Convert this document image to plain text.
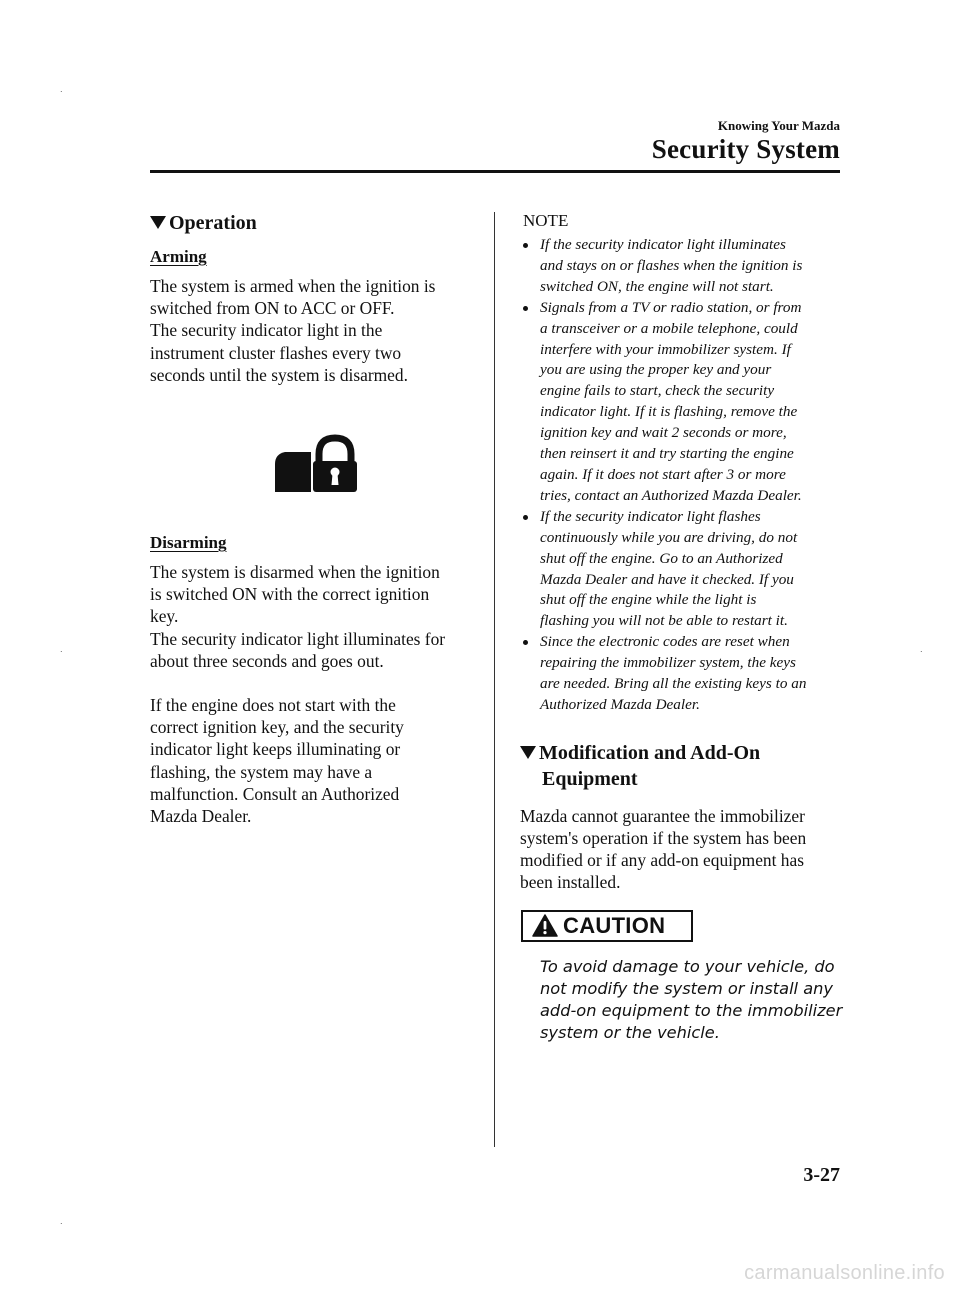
.
.	.
.
Knowing Your Mazda
Security System
Operation
Arming
The system is armed when the ignition is
switched from ON to ACC or OFF.
The security indicator light in the
instrument cluster flashes every two
seconds until the system is disarmed.
Disarming
The system is disarmed when the ignition
is switched ON with the correct ignition
key.
The security indicator light illuminates for
about three seconds and goes out.
If the engine does not start with the
correct ignition key, and the security
indicator light keeps illuminating or
flashing, the system may have a
malfunction. Consult an Authorized
Mazda Dealer.
NOTE
If the security indicator light illuminates
and stays on or flashes when the ignition is
switched ON, the engine will not start.
Signals from a TV or radio station, or from
a transceiver or a mobile telephone, could
interfere with your immobilizer system. If
you are using the proper key and your
engine fails to start, check the security
indicator light. If it is flashing, remove the
ignition key and wait 2 seconds or more,
then reinsert it and try starting the engine
again. If it does not start after 3 or more
tries, contact an Authorized Mazda Dealer.
If the security indicator light flashes
continuously while you are driving, do not
shut off the engine. Go to an Authorized
Mazda Dealer and have it checked. If you
shut off the engine while the light is
flashing you will not be able to restart it.
Since the electronic codes are reset when
repairing the immobilizer system, the keys
are needed. Bring all the existing keys to an
Authorized Mazda Dealer.
Modification and Add-On
Equipment
Mazda cannot guarantee the immobilizer
system's operation if the system has been
modified or if any add-on equipment has
been installed.
CAUTION
To avoid damage to your vehicle, do
not modify the system or install any
add-on equipment to the immobilizer
system or the vehicle.
3-27
carmanualsonline.info
